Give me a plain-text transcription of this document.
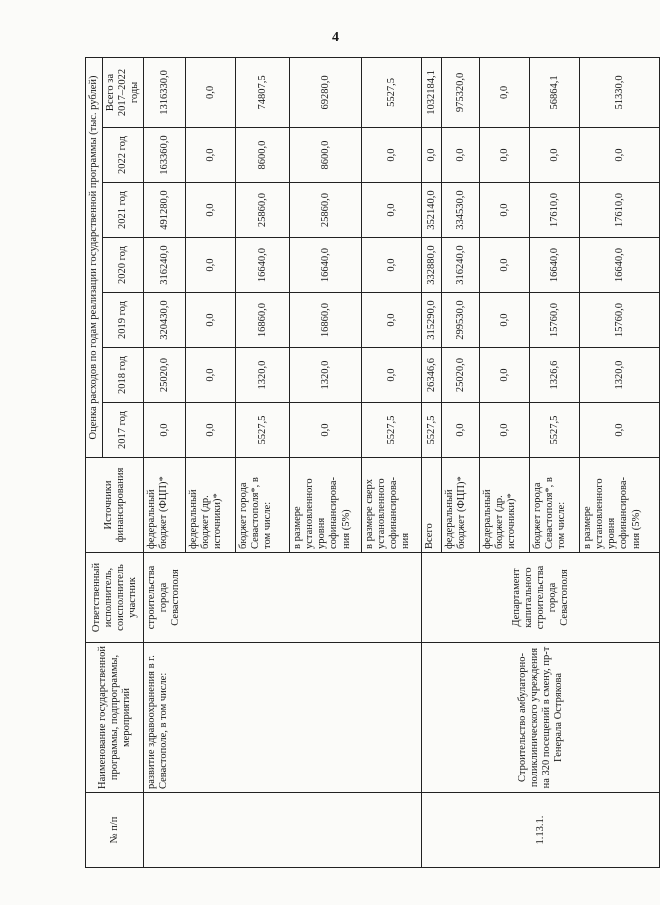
4
№ п/п	Наименование государственной программы, подпрограммы, мероприятий	Ответственный исполнитель, соисполнитель участник	Источники финансирования	Оценка расходов по годам реализации государственной программы (тыс. рублей)						
				2017 год	2018 год	2019 год	2020 год	2021 год	2022 год	Всего за 2017–2022 годы
	развитие здравоохранения в г. Севастополе, в том числе:	строительства города Севастополя	федеральный бюджет (ФЦП)*	0,0	25020,0	320430,0	316240,0	491280,0	163360,0	1316330,0
			федеральный бюджет (др. источники)*	0,0	0,0	0,0	0,0	0,0	0,0	0,0
			бюджет города Севастополя*, в том числе:	5527,5	1320,0	16860,0	16640,0	25860,0	8600,0	74807,5
			в размере установленного уровня софинансирова-ния (5%)	0,0	1320,0	16860,0	16640,0	25860,0	8600,0	69280,0
			в размере сверх установленного софинансирова-ния	5527,5	0,0	0,0	0,0	0,0	0,0	5527,5
1.13.1.	Строительство амбулаторно-поликлинического учреждения на 320 посещений в смену, пр-т Генерала Острякова	Департамент капитального строительства города Севастополя	Всего	5527,5	26346,6	315290,0	332880,0	352140,0	0,0	1032184,1
			федеральный бюджет (ФЦП)*	0,0	25020,0	299530,0	316240,0	334530,0	0,0	975320,0
			федеральный бюджет (др. источники)*	0,0	0,0	0,0	0,0	0,0	0,0	0,0
			бюджет города Севастополя*, в том числе:	5527,5	1326,6	15760,0	16640,0	17610,0	0,0	56864,1
			в размере установленного уровня софинансирова-ния (5%)	0,0	1320,0	15760,0	16640,0	17610,0	0,0	51330,0
